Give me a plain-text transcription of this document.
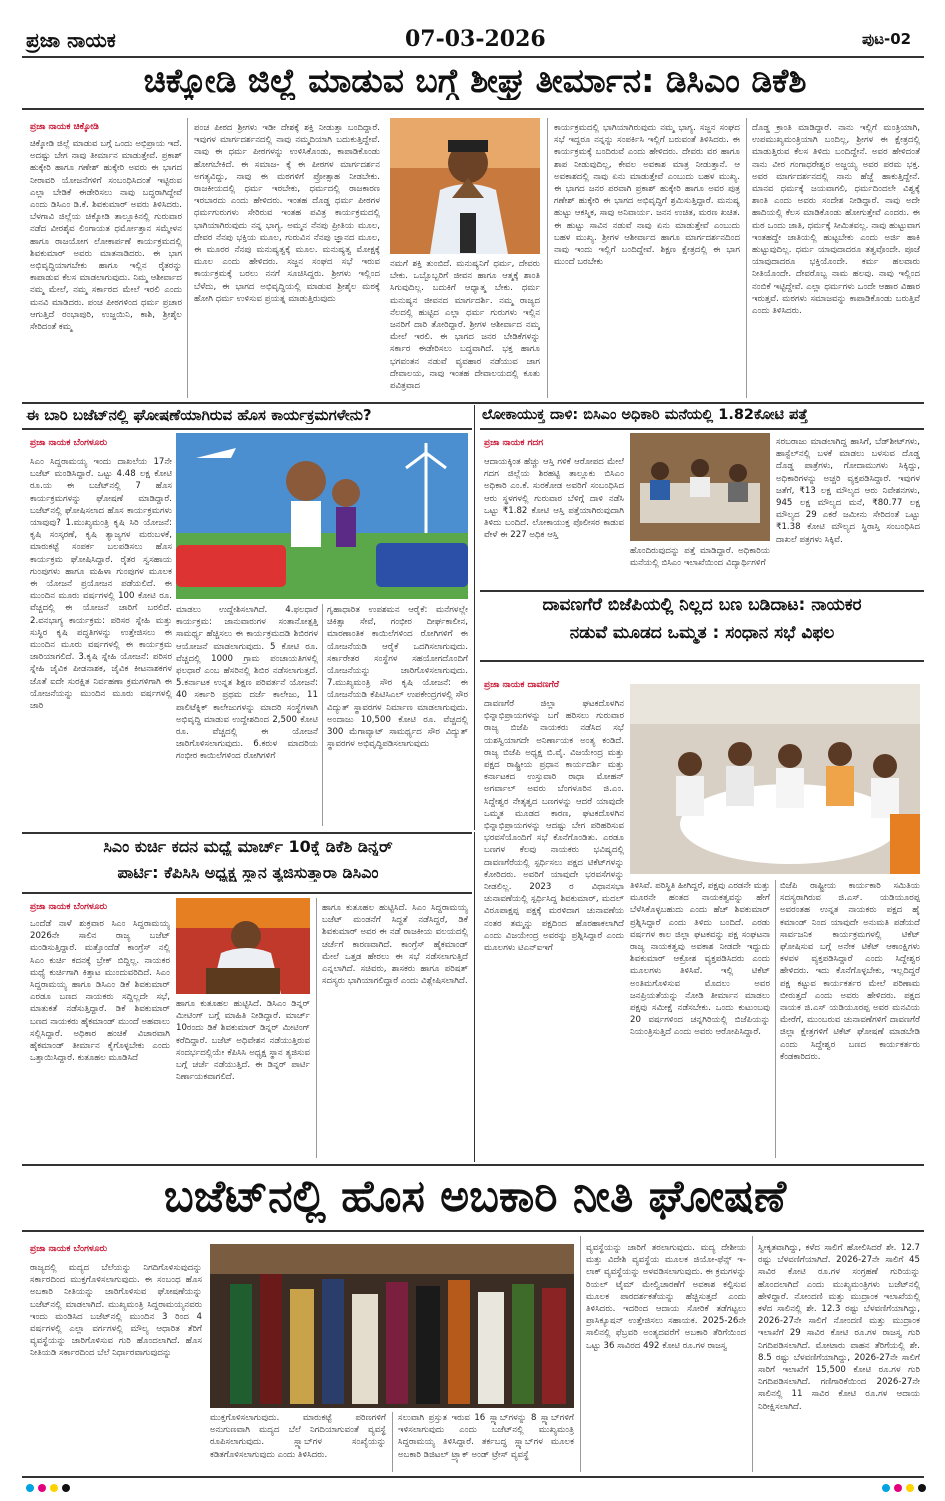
ಪ್ರಜಾ ನಾಯಕ	07-03-2026	ಪುಟ-02
ಚಿಕ್ಕೋಡಿ ಜಿಲ್ಲೆ ಮಾಡುವ ಬಗ್ಗೆ ಶೀಘ್ರ ತೀರ್ಮಾನ: ಡಿಸಿಎಂ ಡಿಕೆಶಿ
ಪ್ರಜಾ ನಾಯಕ ಚಿಕ್ಕೋಡಿ
ಚಿಕ್ಕೋಡಿ ಜಿಲ್ಲೆ ಮಾಡುವ ಬಗ್ಗೆ ಒಂದು ಅಭಿಪ್ರಾಯ ಇದೆ. ಅದಷ್ಟು ಬೇಗ ನಾವು ತೀರ್ಮಾನ ಮಾಡುತ್ತೇವೆ. ಪ್ರಕಾಶ್ ಹುಕ್ಕೇರಿ ಹಾಗೂ ಗಣೇಶ್ ಹುಕ್ಕೇರಿ ಅವರು ಈ ಭಾಗದ ನೀರಾವರಿ ಯೋಜನೆಗಳಿಗೆ ಸಂಬಂಧಿಸಿದಂತೆ ಇಟ್ಟಿರುವ ಎಲ್ಲಾ ಬೇಡಿಕೆ ಈಡೇರಿಸಲು ನಾವು ಬದ್ಧರಾಗಿದ್ದೇವೆ ಎಂದು ಡಿಸಿಎಂ ಡಿ.ಕೆ. ಶಿವಕುಮಾರ್ ಅವರು ತಿಳಿಸಿದರು. ಬೆಳಗಾವಿ ಜಿಲ್ಲೆಯ ಚಿಕ್ಕೋಡಿ ತಾಲ್ಲೂಕಿನಲ್ಲಿ ಗುರುವಾರ ನಡೆದ ವೀರಶೈವ ಲಿಂಗಾಯತ ಧರ್ಮೋತ್ತಾನ ಸಮ್ಮೇಳನ ಹಾಗೂ ರಾಜಯೋಗ ಲೋಕಾರ್ಪಣೆ ಕಾರ್ಯಕ್ರಮದಲ್ಲಿ ಶಿವಕುಮಾರ್ ಅವರು ಮಾತನಾಡಿದರು. ಈ ಭಾಗ ಅಭಿವೃದ್ಧಿಯಾಗಬೇಕು ಹಾಗೂ ಇಲ್ಲಿನ ರೈತರನ್ನು ಕಾಪಾಡುವ ಕೆಲಸ ಮಾಡಲಾಗುವುದು. ನಿಮ್ಮ ಆಶೀರ್ವಾದ ನಮ್ಮ ಮೇಲೆ, ನಮ್ಮ ಸರ್ಕಾರದ ಮೇಲೆ ಇರಲಿ ಎಂದು ಮನವಿ ಮಾಡಿದರು. ಪಂಚ ಪೀಠಗಳಿಂದ ಧರ್ಮ ಪ್ರಚಾರ ಆಗುತ್ತಿದೆ ರಂಭಾಪುರಿ, ಉಜ್ಜಯಿನಿ, ಕಾಶಿ, ಶ್ರೀಶೈಲ ಸೇರಿದಂತೆ ಕಮ್ಮ
ಪಂಚ ಪೀಠದ ಶ್ರೀಗಳು ಇಡೀ ದೇಶಕ್ಕೆ ಶಕ್ತಿ ನೀಡುತ್ತಾ ಬಂದಿದ್ದಾರೆ. ಇವುಗಳ ಮಾರ್ಗದರ್ಶನದಲ್ಲಿ ನಾವು ನಮ್ಮದಿಯಾಗಿ ಬದುಕುತ್ತಿದ್ದೇವೆ. ನಾವು ಈ ಧರ್ಮ ಪೀಠಗಳನ್ನು ಉಳಿಸಿಕೊಂಡು, ಕಾಪಾಡಿಕೊಂಡು ಹೋಗಬೇಕಿದೆ. ಈ ಸಮಾಜ- ಕ್ಕೆ ಈ ಪೀಠಗಳ ಮಾರ್ಗದರ್ಶನ ಅಗತ್ಯವಿದ್ದು, ನಾವು ಈ ಮಠಗಳಿಗೆ ಪ್ರೋತ್ಸಾಹ ನೀಡಬೇಕು. ರಾಜಕೀಯದಲ್ಲಿ ಧರ್ಮ ಇರಬೇಕು, ಧರ್ಮದಲ್ಲಿ ರಾಜಕಾರಣ ಇರಬಾರದು ಎಂದು ಹೇಳಿದರು. ಇಂತಹ ದೊಡ್ಡ ಧರ್ಮ ಪೀಠಗಳ ಧರ್ಮಗುರುಗಳು ಸೇರಿರುವ ಇಂತಹ ಪವಿತ್ರ ಕಾರ್ಯಕ್ರಮದಲ್ಲಿ ಭಾಗಿಯಾಗಿರುವುದು ನನ್ನ ಭಾಗ್ಯ. ಅಮ್ಮನ ನೆನಪು ಪ್ರೀತಿಯ ಮೂಲ, ದೇವರ ನೆನಪು ಭಕ್ತಿಯ ಮೂಲ, ಗುರುವಿನ ನೆನಪು ಜ್ಞಾನದ ಮೂಲ, ಈ ಮೂರರ ನೆನಪು ಮನುಷ್ಯತ್ವಕ್ಕೆ ಮೂಲ. ಮನುಷ್ಯತ್ವ ಮೋಕ್ಷಕ್ಕೆ ಮೂಲ ಎಂದು ಹೇಳಿದರು. ಸಜ್ಜನ ಸಂಘದ ಸಭೆ ಇರುವ ಕಾರ್ಯಕ್ರಮಕ್ಕೆ ಬರಲು ನನಗೆ ಸೂಚಿಸಿದ್ದರು. ಶ್ರೀಗಳು ಇಲ್ಲಿಂದ ಬೆಳೆದು, ಈ ಭಾಗದ ಅಭಿವೃದ್ಧಿಯಲ್ಲಿ ಮಾಡುವ ಶ್ರೀಶೈಲ ಮಠಕ್ಕೆ ಹೋಗಿ ಧರ್ಮ ಉಳಿಸುವ ಪ್ರಯತ್ನ ಮಾಡುತ್ತಿರುವುದು
ನಮಗೆ ಶಕ್ತಿ ತುಂಬಿದೆ. ಮನುಷ್ಯನಿಗೆ ಧರ್ಮ, ದೇವರು ಬೇಕು. ಒಬ್ಬೊಬ್ಬರಿಗೆ ಜೀವನ ಹಾಗೂ ಆತ್ಮಕ್ಕೆ ಶಾಂತಿ ಸಿಗುವುದಿಲ್ಲ. ಬದುಕಿಗೆ ಆಧ್ಯಾತ್ಮ ಬೇಕು. ಧರ್ಮ ಮನುಷ್ಯನ ಜೀವನದ ಮಾರ್ಗದರ್ಶಿ. ನಮ್ಮ ರಾಜ್ಯದ ನೆಲದಲ್ಲಿ ಹುಟ್ಟಿದ ಎಲ್ಲಾ ಧರ್ಮ ಗುರುಗಳು ಇಲ್ಲಿನ ಜನರಿಗೆ ದಾರಿ ತೋರಿದ್ದಾರೆ. ಶ್ರೀಗಳ ಆಶೀರ್ವಾದ ನಮ್ಮ ಮೇಲೆ ಇರಲಿ. ಈ ಭಾಗದ ಜನರ ಬೇಡಿಕೆಗಳನ್ನು ಸರ್ಕಾರ ಈಡೇರಿಸಲು ಬದ್ಧವಾಗಿದೆ. ಭಕ್ತ ಹಾಗೂ ಭಗವಂತನ ನಡುವೆ ವ್ಯವಹಾರ ನಡೆಯುವ ಜಾಗ ದೇವಾಲಯ, ನಾವು ಇಂತಹ ದೇವಾಲಯದಲ್ಲಿ ಕೂತು ಪವಿತ್ರವಾದ
ಕಾರ್ಯಕ್ರಮದಲ್ಲಿ ಭಾಗಿಯಾಗಿರುವುದು ನಮ್ಮ ಭಾಗ್ಯ. ಸಜ್ಜನ ಸಂಘದ ಸಭೆ ಇದ್ದರೂ ನನ್ನನ್ನು ಸಂಪರ್ಕಿಸಿ ಇಲ್ಲಿಗೆ ಬರುವಂತೆ ತಿಳಿಸಿದರು. ಈ ಕಾರ್ಯಕ್ರಮಕ್ಕೆ ಬಂದಿರುವೆ ಎಂದು ಹೇಳಿದರು. ದೇವರು ವರ ಹಾಗೂ ಶಾಪ ನೀಡುವುದಿಲ್ಲ, ಕೇವಲ ಅವಕಾಶ ಮಾತ್ರ ನೀಡುತ್ತಾನೆ. ಆ ಅವಕಾಶದಲ್ಲಿ ನಾವು ಏನು ಮಾಡುತ್ತೇವೆ ಎಂಬುದು ಬಹಳ ಮುಖ್ಯ. ಈ ಭಾಗದ ಜನರ ಪರವಾಗಿ ಪ್ರಕಾಶ್ ಹುಕ್ಕೇರಿ ಹಾಗೂ ಅವರ ಪುತ್ರ ಗಣೇಶ್ ಹುಕ್ಕೇರಿ ಈ ಭಾಗದ ಅಭಿವೃದ್ಧಿಗೆ ಶ್ರಮಿಸುತ್ತಿದ್ದಾರೆ. ಮನುಷ್ಯ ಹುಟ್ಟು ಆಕಸ್ಮಿಕ, ಸಾವು ಅನಿವಾರ್ಯ. ಜನನ ಉಚಿತ, ಮರಣ ಖಚಿತ. ಈ ಹುಟ್ಟು ಸಾವಿನ ನಡುವೆ ನಾವು ಏನು ಮಾಡುತ್ತೇವೆ ಎಂಬುದು ಬಹಳ ಮುಖ್ಯ. ಶ್ರೀಗಳ ಆಶೀರ್ವಾದ ಹಾಗೂ ಮಾರ್ಗದರ್ಶನದಿಂದ ನಾವು ಇಂದು ಇಲ್ಲಿಗೆ ಬಂದಿದ್ದೇವೆ. ಶಿಕ್ಷಣ ಕ್ಷೇತ್ರದಲ್ಲಿ ಈ ಭಾಗ ಮುಂದೆ ಬರಬೇಕು
ದೊಡ್ಡ ಕ್ರಾಂತಿ ಮಾಡಿದ್ದಾರೆ. ನಾನು ಇಲ್ಲಿಗೆ ಮಂತ್ರಿಯಾಗಿ, ಉಪಮುಖ್ಯಮಂತ್ರಿಯಾಗಿ ಬಂದಿಲ್ಲ, ಶ್ರೀಗಳ ಈ ಕ್ಷೇತ್ರದಲ್ಲಿ ಮಾಡುತ್ತಿರುವ ಕೆಲಸ ತಿಳಿದು ಬಂದಿದ್ದೇನೆ. ಅವರ ಹೇಳಿದಂತೆ ನಾನು ವೀರ ಗಂಗಾಧರೇಶ್ವರ ಅಜ್ಜಯ್ಯ ಅವರ ಪರಮ ಭಕ್ತ. ಅವರ ಮಾರ್ಗದರ್ಶನದಲ್ಲಿ ನಾನು ಹೆಜ್ಜೆ ಹಾಕುತ್ತಿದ್ದೇನೆ. ಮಾನವ ಧರ್ಮಕ್ಕೆ ಜಯವಾಗಲಿ, ಧರ್ಮದಿಂದಲೇ ವಿಶ್ವಕ್ಕೆ ಶಾಂತಿ ಎಂದು ಅವರು ಸಂದೇಶ ನೀಡಿದ್ದಾರೆ. ನಾವು ಅದೇ ಹಾದಿಯಲ್ಲಿ ಕೆಲಸ ಮಾಡಿಕೊಂಡು ಹೋಗುತ್ತೇವೆ ಎಂದರು. ಈ ಮಠ ಒಂದು ಜಾತಿ, ಧರ್ಮಕ್ಕೆ ಸೀಮಿತವಲ್ಲ. ನಾವು ಹುಟ್ಟುವಾಗ ಇಂತಹದ್ದೇ ಜಾತಿಯಲ್ಲಿ ಹುಟ್ಟಬೇಕು ಎಂದು ಅರ್ಜಿ ಹಾಕಿ ಹುಟ್ಟುವುದಿಲ್ಲ. ಧರ್ಮ ಯಾವುದಾದರೂ ತತ್ವವೊಂದೇ. ಪೂಜೆ ಯಾವುದಾದರೂ ಭಕ್ತಿಯೊಂದೇ. ಕರ್ಮ ಹಲವಾರು ನೀತಿಯೊಂದೇ. ದೇವರೊಬ್ಬ ನಾಮ ಹಲವು. ನಾವು ಇಲ್ಲಿಂದ ನಂಬಿಕೆ ಇಟ್ಟಿದ್ದೇವೆ. ಎಲ್ಲಾ ಧರ್ಮಗಳು ಒಂದೇ ಆಹಾರ ವಿಹಾರ ಇರುತ್ತವೆ. ಮಠಗಳು ಸಮಾಜವನ್ನು ಕಾಪಾಡಿಕೊಂಡು ಬರುತ್ತಿವೆ ಎಂದು ತಿಳಿಸಿದರು.
ಈ ಬಾರಿ ಬಜೆಟ್‌ನಲ್ಲಿ ಘೋಷಣೆಯಾಗಿರುವ ಹೊಸ ಕಾರ್ಯಕ್ರಮಗಳೇನು?
ಪ್ರಜಾ ನಾಯಕ ಬೆಂಗಳೂರು
ಸಿಎಂ ಸಿದ್ದರಾಮಯ್ಯ ಇಂದು ದಾಖಲೆಯ 17ನೇ ಬಜೆಟ್ ಮಂಡಿಸಿದ್ದಾರೆ. ಒಟ್ಟು 4.48 ಲಕ್ಷ ಕೋಟಿ ರೂ.ಯ ಈ ಬಜೆಟ್‌ನಲ್ಲಿ 7 ಹೊಸ ಕಾರ್ಯಕ್ರಮಗಳನ್ನು ಘೋಷಣೆ ಮಾಡಿದ್ದಾರೆ. ಬಜೆಟ್‌ನಲ್ಲಿ ಘೋಷಿಸಲಾದ ಹೊಸ ಕಾರ್ಯಕ್ರಮಗಳು ಯಾವುವು? 1.ಮುಖ್ಯಮಂತ್ರಿ ಕೃಷಿ ಸಿರಿ ಯೋಜನೆ: ಕೃಷಿ ಸಂಸ್ಕರಣೆ, ಕೃಷಿ ತ್ಯಾಜ್ಯಗಳ ಮರುಬಳಕೆ, ಮಾರುಕಟ್ಟೆ ಸಂಪರ್ಕ ಬಲಪಡಿಸಲು ಹೊಸ ಕಾರ್ಯಕ್ರಮ ಘೋಷಿಸಿದ್ದಾರೆ. ರೈತರ ಸ್ವಸಹಾಯ ಗುಂಪುಗಳು ಹಾಗೂ ಮಹಿಳಾ ಗುಂಪುಗಳ ಮೂಲಕ ಈ ಯೋಜನೆ ಪ್ರಯೋಜನ ಪಡೆಯಲಿದೆ. ಈ ಮುಂದಿನ ಮೂರು ವರ್ಷಗಳಲ್ಲಿ 100 ಕೋಟಿ ರೂ. ವೆಚ್ಚದಲ್ಲಿ ಈ ಯೋಜನೆ ಜಾರಿಗೆ ಬರಲಿದೆ. 2.ವನಭಾಗ್ಯ ಕಾರ್ಯಕ್ರಮ: ಪರಿಸರ ಸ್ನೇಹಿ ಮತ್ತು ಸುಸ್ಥಿರ ಕೃಷಿ ಪದ್ಧತಿಗಳನ್ನು ಉತ್ತೇಜಿಸಲು ಈ ಮುಂದಿನ ಮೂರು ವರ್ಷಗಳಲ್ಲಿ ಈ ಕಾರ್ಯಕ್ರಮ ಜಾರಿಯಾಗಲಿದೆ. 3.ಕೃಷಿ ಸ್ನೇಹಿ ಯೋಜನೆ: ಪರಿಸರ ಸ್ನೇಹಿ ಜೈವಿಕ ಪೀಡನಾಶಕ, ಜೈವಿಕ ಕೀಟನಾಶಕಗಳ ಜೊತೆ ಐದೇ ಸುರಕ್ಷಿತ ನಿರ್ವಹಣಾ ಕ್ರಮಗಳಿಗಾಗಿ ಈ ಯೋಜನೆಯನ್ನು ಮುಂದಿನ ಮೂರು ವರ್ಷಗಳಲ್ಲಿ ಜಾರಿ
ಮಾಡಲು ಉದ್ದೇಶಿಸಲಾಗಿದೆ. 4.ಫಲಧಾರೆ ಕಾರ್ಯಕ್ರಮ: ಜಾನುವಾರುಗಳ ಸಂತಾನೋತ್ಪತ್ತಿ ಸಾಮರ್ಥ್ಯ ಹೆಚ್ಚಿಸಲು ಈ ಕಾರ್ಯಕ್ರಮದಡಿ ಶಿಬಿರಗಳ ಆಯೋಜನೆ ಮಾಡಲಾಗುವುದು. 5 ಕೋಟಿ ರೂ. ವೆಚ್ಚದಲ್ಲಿ 1000 ಗ್ರಾಮ ಪಂಚಾಯತಿಗಳಲ್ಲಿ ಫಲಧಾರೆ ಎಂಬ ಹೆಸರಿನಲ್ಲಿ ಶಿಬಿರ ನಡೆಸಲಾಗುತ್ತದೆ. 5.ಕರ್ನಾಟಕ ಉನ್ನತ ಶಿಕ್ಷಣ ಪರಿವರ್ತನೆ ಯೋಜನೆ: 40 ಸರ್ಕಾರಿ ಪ್ರಥಮ ದರ್ಜೆ ಕಾಲೇಜು, 11 ಪಾಲಿಟೆಕ್ನಿಕ್ ಕಾಲೇಜುಗಳನ್ನು ಮಾದರಿ ಸಂಸ್ಥೆಗಳಾಗಿ ಅಭಿವೃದ್ಧಿ ಮಾಡುವ ಉದ್ದೇಶದಿಂದ 2,500 ಕೋಟಿ ರೂ. ವೆಚ್ಚದಲ್ಲಿ ಈ ಯೋಜನೆ ಜಾರಿಗೊಳಿಸಲಾಗುವುದು. 6.ಕರುಳ ಮಾದರಿಯ ಗಂಭೀರ ಕಾಯಿಲೆಗಳಿಂದ ರೋಗಿಗಳಿಗೆ
ಗೃಹಾಧಾರಿತ ಉಪಶಮನ ಆರೈಕೆ: ಮನೆಗಳಲ್ಲೇ ಚಿಕಿತ್ಸಾ ಸೇವೆ, ಗಂಭೀರ ದೀರ್ಘಕಾಲೀನ, ಮಾರಣಾಂತಿಕ ಕಾಯಿಲೆಗಳಿಂದ ರೋಗಿಗಳಿಗೆ ಈ ಯೋಜನೆಯಡಿ ಆರೈಕೆ ಒದಗಿಸಲಾಗುವುದು. ಸರ್ಕಾರೇತರ ಸಂಸ್ಥೆಗಳ ಸಹಯೋಗದೊಂದಿಗೆ ಯೋಜನೆಯನ್ನು ಜಾರಿಗೊಳಿಸಲಾಗುವುದು. 7.ಮುಖ್ಯಮಂತ್ರಿ ಸೌರ ಕೃಷಿ ಯೋಜನೆ: ಈ ಯೋಜನೆಯಡಿ ಕೆಪಿಟಿಸಿಎಲ್ ಉಪಕೇಂದ್ರಗಳಲ್ಲಿ ಸೌರ ವಿದ್ಯುತ್ ಸ್ಥಾವರಗಳ ನಿರ್ಮಾಣ ಮಾಡಲಾಗುವುದು. ಅಂದಾಜು 10,500 ಕೋಟಿ ರೂ. ವೆಚ್ಚದಲ್ಲಿ 300 ಮೆಗಾವ್ಯಾಟ್ ಸಾಮರ್ಥ್ಯದ ಸೌರ ವಿದ್ಯುತ್ ಸ್ಥಾವರಗಳ ಅಭಿವೃದ್ಧಿಪಡಿಸಲಾಗುವುದು
ಲೋಕಾಯುಕ್ತ ದಾಳಿ: ಬಿಸಿಎಂ ಅಧಿಕಾರಿ ಮನೆಯಲ್ಲಿ 1.82ಕೋಟಿ ಪತ್ತೆ
ಪ್ರಜಾ ನಾಯಕ ಗದಗ
ಆದಾಯಕ್ಕಿಂತ ಹೆಚ್ಚು ಆಸ್ತಿ ಗಳಿಕೆ ಆರೋಪದ ಮೇಲೆ ಗದಗ ಜಿಲ್ಲೆಯ ಶಿರಹಟ್ಟಿ ತಾಲ್ಲೂಕು ಬಿಸಿಎಂ ಅಧಿಕಾರಿ ಎಂ.ಕೆ. ಸುರಕೋಡ ಅವರಿಗೆ ಸಂಬಂಧಿಸಿದ ಆರು ಸ್ಥಳಗಳಲ್ಲಿ ಗುರುವಾರ ಬೆಳಿಗ್ಗೆ ದಾಳಿ ನಡೆಸಿ ಒಟ್ಟು ₹1.82 ಕೋಟಿ ಆಸ್ತಿ ಪತ್ತೆಯಾಗಿರುವುದಾಗಿ ತಿಳಿದು ಬಂದಿದೆ. ಲೋಕಾಯುಕ್ತ ಪೊಲೀಸರ ಕಾಡುವ ವೇಳೆ ಈ 227 ಅಧಿಕ ಆಸ್ತಿ
ಹೊಂದಿರುವುದನ್ನು ಪತ್ತೆ ಮಾಡಿದ್ದಾರೆ. ಅಧಿಕಾರಿಯ ಮನೆಯಲ್ಲಿ ಬಿಸಿಎಂ ಇಲಾಖೆಯಿಂದ ವಿದ್ಯಾರ್ಥಿಗಳಿಗೆ
ಸರಬರಾಜು ಮಾಡಲಾಗಿದ್ದ ಹಾಸಿಗೆ, ಬೆಡ್‌ಶೀಟ್‌ಗಳು, ಹಾಸ್ಟೆಲ್‌ನಲ್ಲಿ ಬಳಕೆ ಮಾಡಲು ಬಳಸುವ ದೊಡ್ಡ ದೊಡ್ಡ ಪಾತ್ರೆಗಳು, ಗೋದಾಮುಗಳು ಸಿಕ್ಕಿದ್ದು, ಅಧಿಕಾರಿಗಳನ್ನು ಅಚ್ಚರಿ ವ್ಯಕ್ತಪಡಿಸಿದ್ದಾರೆ. ಇವುಗಳ ಜತೆಗೆ, ₹13 ಲಕ್ಷ ಮೌಲ್ಯದ ಆರು ನಿವೇಶನಗಳು, 945 ಲಕ್ಷ ಮೌಲ್ಯದ ಮನೆ, ₹80.77 ಲಕ್ಷ ಮೌಲ್ಯದ 29 ಎಕರೆ ಜಮೀನು ಸೇರಿದಂತೆ ಒಟ್ಟು ₹1.38 ಕೋಟಿ ಮೌಲ್ಯದ ಸ್ಥಿರಾಸ್ತಿ ಸಂಬಂಧಿಸಿದ ದಾಖಲೆ ಪತ್ರಗಳು ಸಿಕ್ಕಿವೆ.
ದಾವಣಗೆರೆ ಬಿಜೆಪಿಯಲ್ಲಿ ನಿಲ್ಲದ ಬಣ ಬಡಿದಾಟ: ನಾಯಕರ
ನಡುವೆ ಮೂಡದ ಒಮ್ಮತ : ಸಂಧಾನ ಸಭೆ ವಿಫಲ
ಪ್ರಜಾ ನಾಯಕ ದಾವಣಗೆರೆ
ದಾವಣಗೆರೆ ಜಿಲ್ಲಾ ಘಟಕದೊಳಗಿನ ಭಿನ್ನಾಭಿಪ್ರಾಯಗಳನ್ನು ಬಗೆ ಹರಿಸಲು ಗುರುವಾರ ರಾಜ್ಯ ಬಿಜೆಪಿ ನಾಯಕರು ನಡೆಸಿದ ಸಭೆ ಯಶಸ್ವಿಯಾಗದೇ ಅನಿರ್ಣಾಯಕ ಅಂತ್ಯ ಕಂಡಿದೆ. ರಾಜ್ಯ ಬಿಜೆಪಿ ಅಧ್ಯಕ್ಷ ಬಿ.ವೈ. ವಿಜಯೇಂದ್ರ ಮತ್ತು ಪಕ್ಷದ ರಾಷ್ಟ್ರೀಯ ಪ್ರಧಾನ ಕಾರ್ಯದರ್ಶಿ ಮತ್ತು ಕರ್ನಾಟಕದ ಉಸ್ತುವಾರಿ ರಾಧಾ ಮೋಹನ್ ಅಗರ್ವಾಲ್ ಅವರು ಬೆಂಗಳೂರಿನ ಜಿ.ಎಂ. ಸಿದ್ದೇಶ್ವರ ನೇತೃತ್ವದ ಬಣಗಳನ್ನು ಆದರೆ ಯಾವುದೇ ಒಮ್ಮತ ಮೂಡದ ಕಾರಣ, ಘಟಕದೊಳಗಿನ ಭಿನ್ನಾಭಿಪ್ರಾಯಗಳನ್ನು ಆದಷ್ಟು ಬೇಗ ಪರಿಹರಿಸುವ ಭರವಸೆಯೊಂದಿಗೆ ಸಭೆ ಕೊನೆಗೊಂಡಿತು. ಎರಡೂ ಬಣಗಳ ಕೆಲವು ನಾಯಕರು ಭವಿಷ್ಯದಲ್ಲಿ ದಾವಣಗೆರೆಯಲ್ಲಿ ಸ್ಪರ್ಧಿಸಲು ಪಕ್ಷದ ಟಿಕೆಟ್‌ಗಳನ್ನು ಕೋರಿದರು. ಅವರಿಗೆ ಯಾವುದೇ ಭರವಸೆಗಳನ್ನು ನೀಡಲಿಲ್ಲ. 2023 ರ ವಿಧಾನಸಭಾ ಚುನಾವಣೆಯಲ್ಲಿ ಸ್ಪರ್ಧಿಸಿದ್ದ ಶಿವಕುಮಾರ್, ಮದಲ್ ವಿರೂಪಾಕ್ಷಪ್ಪ ಪಕ್ಷಕ್ಕೆ ಮರಳಿದಾಗ ಚುನಾವಣೆಯ ನಂತರ ತಮ್ಮನ್ನು ಪಕ್ಷದಿಂದ ಹೊರಹಾಕಲಾಗಿದೆ ಎಂದು ವಿಜಯೇಂದ್ರ ಅವರನ್ನು ಪ್ರಶ್ನಿಸಿದ್ದಾರೆ ಎಂದು ಮೂಲಗಳು ಟಿಎನ್‌ಐಇಗೆ
ತಿಳಿಸಿವೆ. ಪರಿಸ್ಥಿತಿ ಹೀಗಿದ್ದರೆ, ಪಕ್ಷವು ಎರಡನೇ ಮತ್ತು ಮೂರನೇ ಹಂತದ ನಾಯಕತ್ವವನ್ನು ಹೇಗೆ ಬೆಳೆಸಿಕೊಳ್ಳಬಹುದು ಎಂದು ಹೆಚ್ ಶಿವಕುಮಾರ್ ಪ್ರಶ್ನಿಸಿದ್ದಾರೆ ಎಂದು ತಿಳಿದು ಬಂದಿದೆ. ಎರಡು ವರ್ಷಗಳ ಕಾಲ ಜಿಲ್ಲಾ ಘಟಕವನ್ನು ಪಕ್ಷ ಸಂಘಟನಾ ರಾಜ್ಯ ನಾಯಕತ್ವವು ಅವಕಾಶ ನೀಡದೇ ಇದ್ದುದು ಶಿವಕುಮಾರ್ ಆಕ್ರೋಶ ವ್ಯಕ್ತಪಡಿಸಿದರು ಎಂದು ಮೂಲಗಳು ತಿಳಿಸಿವೆ. ಇಲ್ಲಿ ಟಿಕೆಟ್ ಅಂತಿಮಗೊಳಿಸುವ ಮೊದಲು ಅವರ ಜನಪ್ರಿಯತೆಯನ್ನು ನೋಡಿ ತೀರ್ಮಾನ ಮಾಡಲು ಪಕ್ಷವು ಸಮೀಕ್ಷೆ ನಡೆಸಬೇಕು. ಒಂದು ಕುಟುಂಬವು 20 ವರ್ಷಗಳಿಂದ ಚನ್ನಗಿರಿಯಲ್ಲಿ ಬಿಜೆಪಿಯನ್ನು ನಿಯಂತ್ರಿಸುತ್ತಿದೆ ಎಂದು ಅವರು ಆರೋಪಿಸಿದ್ದಾರೆ.
ಬಿಜೆಪಿ ರಾಷ್ಟ್ರೀಯ ಕಾರ್ಯಕಾರಿ ಸಮಿತಿಯ ಸದಸ್ಯರಾಗಿರುವ ಜಿ.ಎಸ್. ಯಡಿಯೂರಪ್ಪ ಅವರಂತಹ ಉನ್ನತ ನಾಯಕರು ಪಕ್ಷದ ಹೈ ಕಮಾಂಡ್ ನಿಂದ ಯಾವುದೇ ಅನುಮತಿ ಪಡೆಯದೆ ಸಾರ್ವಜನಿಕ ಕಾರ್ಯಕ್ರಮಗಳಲ್ಲಿ ಟಿಕೆಟ್ ಘೋಷಿಸುವ ಬಗ್ಗೆ ಅನೇಕ ಟಿಕೆಟ್ ಆಕಾಂಕ್ಷಿಗಳು ಕಳವಳ ವ್ಯಕ್ತಪಡಿಸಿದ್ದಾರೆ ಎಂದು ಸಿದ್ದೇಶ್ವರ ಹೇಳಿದರು. ಇದು ಕೊನೆಗೊಳ್ಳಬೇಕು, ಇಲ್ಲದಿದ್ದರೆ ಪಕ್ಷ ಕಟ್ಟುವ ಕಾರ್ಯಕರ್ತರ ಮೇಲೆ ಪರಿಣಾಮ ಬೀರುತ್ತದೆ ಎಂದು ಅವರು ಹೇಳಿದರು. ಪಕ್ಷದ ನಾಯಕ ಜಿ.ಎಸ್ ಯಡಿಯೂರಪ್ಪ ಅವರ ಮನವಿಯ ಮೇರೆಗೆ, ಮುಂಬರುವ ಚುನಾವಣೆಗಳಿಗೆ ದಾವಣಗೆರೆ ಜಿಲ್ಲಾ ಕ್ಷೇತ್ರಗಳಿಗೆ ಟಿಕೆಟ್ ಘೋಷಣೆ ಮಾಡಬೇಡಿ ಎಂದು ಸಿದ್ದೇಶ್ವರ ಬಣದ ಕಾರ್ಯಕರ್ತರು ಕೆಂಡಕಾರಿದರು.
ಸಿಎಂ ಕುರ್ಚಿ ಕದನ ಮಧ್ಯೆ ಮಾರ್ಚ್ 10ಕ್ಕೆ ಡಿಕೆಶಿ ಡಿನ್ನರ್
ಪಾರ್ಟಿ: ಕೆಪಿಸಿಸಿ ಅಧ್ಯಕ್ಷ ಸ್ಥಾನ ತ್ಯಜಿಸುತ್ತಾರಾ ಡಿಸಿಎಂ
ಪ್ರಜಾ ನಾಯಕ ಬೆಂಗಳೂರು
ಒಂದೆಡೆ ನಾಳೆ ಶುಕ್ರವಾರ ಸಿಎಂ ಸಿದ್ದರಾಮಯ್ಯ 2026ನೇ ಸಾಲಿನ ರಾಜ್ಯ ಬಜೆಟ್ ಮಂಡಿಸುತ್ತಿದ್ದಾರೆ. ಮತ್ತೊಂದೆಡೆ ಕಾಂಗ್ರೆಸ್ ನಲ್ಲಿ ಸಿಎಂ ಕುರ್ಚಿ ಕದನಕ್ಕೆ ಬ್ರೇಕ್ ಬಿದ್ದಿಲ್ಲ. ನಾಯಕರ ಮಧ್ಯೆ ಕುರ್ಚಿಗಾಗಿ ಕಿತ್ತಾಟ ಮುಂದುವರಿದಿದೆ. ಸಿಎಂ ಸಿದ್ದರಾಮಯ್ಯ ಹಾಗೂ ಡಿಸಿಎಂ ಡಿಕೆ ಶಿವಕುಮಾರ್ ಎರಡೂ ಬಣದ ನಾಯಕರು ಸದ್ದಿಲ್ಲದೇ ಸಭೆ, ಮಾತುಕತೆ ನಡೆಸುತ್ತಿದ್ದಾರೆ. ಡಿಕೆ ಶಿವಕುಮಾರ್ ಬಣದ ನಾಯಕರು ಹೈಕಮಾಂಡ್ ಮುಂದೆ ಅಹವಾಲು ಸಲ್ಲಿಸಿದ್ದಾರೆ. ಅಧಿಕಾರ ಹಂಚಿಕೆ ವಿಚಾರವಾಗಿ ಹೈಕಮಾಂಡ್ ತೀರ್ಮಾನ ಕೈಗೊಳ್ಳಬೇಕು ಎಂದು ಒತ್ತಾಯಿಸಿದ್ದಾರೆ. ಕುತೂಹಲ ಮೂಡಿಸಿದೆ
ಹಾಗೂ ಕುತೂಹಲ ಹುಟ್ಟಿಸಿದೆ. ಡಿಸಿಎಂ ಡಿನ್ನರ್ ಮೀಟಿಂಗ್ ಬಗ್ಗೆ ಮಾಹಿತಿ ನೀಡಿದ್ದಾರೆ. ಮಾರ್ಚ್ 10ರಂದು ಡಿಕೆ ಶಿವಕುಮಾರ್ ಡಿನ್ನರ್ ಮೀಟಿಂಗ್ ಕರೆದಿದ್ದಾರೆ. ಬಜೆಟ್ ಅಧಿವೇಶನ ನಡೆಯುತ್ತಿರುವ ಸಂದರ್ಭದಲ್ಲಿಯೇ ಕೆಪಿಸಿಸಿ ಅಧ್ಯಕ್ಷ ಸ್ಥಾನ ತ್ಯಜಿಸುವ ಬಗ್ಗೆ ಚರ್ಚೆ ನಡೆಯುತ್ತಿದೆ. ಈ ಡಿನ್ನರ್ ಪಾರ್ಟಿ ನಿರ್ಣಾಯಕವಾಗಲಿದೆ.
ಹಾಗೂ ಕುತೂಹಲ ಹುಟ್ಟಿಸಿದೆ. ಸಿಎಂ ಸಿದ್ದರಾಮಯ್ಯ ಬಜೆಟ್ ಮಂಡನೆಗೆ ಸಿದ್ಧತೆ ನಡೆಸಿದ್ದರೆ, ಡಿಕೆ ಶಿವಕುಮಾರ್ ಅವರ ಈ ನಡೆ ರಾಜಕೀಯ ವಲಯದಲ್ಲಿ ಚರ್ಚೆಗೆ ಕಾರಣವಾಗಿದೆ. ಕಾಂಗ್ರೆಸ್ ಹೈಕಮಾಂಡ್ ಮೇಲೆ ಒತ್ತಡ ಹೇರಲು ಈ ಸಭೆ ನಡೆಸಲಾಗುತ್ತಿದೆ ಎನ್ನಲಾಗಿದೆ. ಸಚಿವರು, ಶಾಸಕರು ಹಾಗೂ ಪರಿಷತ್ ಸದಸ್ಯರು ಭಾಗಿಯಾಗಲಿದ್ದಾರೆ ಎಂದು ವಿಶ್ಲೇಷಿಸಲಾಗಿದೆ.
ಬಜೆಟ್‌ನಲ್ಲಿ ಹೊಸ ಅಬಕಾರಿ ನೀತಿ ಘೋಷಣೆ
ಪ್ರಜಾ ನಾಯಕ ಬೆಂಗಳೂರು
ರಾಜ್ಯದಲ್ಲಿ ಮದ್ಯದ ಬೆಲೆಯನ್ನು ನಿಗದಿಗೊಳಿಸುವುದನ್ನು ಸರ್ಕಾರದಿಂದ ಮುಕ್ತಗೊಳಿಸಲಾಗುವುದು. ಈ ಸಂಬಂಧ ಹೊಸ ಅಬಕಾರಿ ನೀತಿಯನ್ನು ಜಾರಿಗೊಳಿಸುವ ಘೋಷಣೆಯನ್ನು ಬಜೆಟ್‌ನಲ್ಲಿ ಮಾಡಲಾಗಿದೆ. ಮುಖ್ಯಮಂತ್ರಿ ಸಿದ್ದರಾಮಯ್ಯನವರು ಇಂದು ಮಂಡಿಸಿದ ಬಜೆಟ್‌ನಲ್ಲಿ ಮುಂದಿನ 3 ರಿಂದ 4 ವರ್ಷಗಳಲ್ಲಿ ಎಲ್ಲಾ ವರ್ಗಗಳಲ್ಲಿ ಮೌಲ್ಯ ಆಧಾರಿತ ತೆರಿಗೆ ವ್ಯವಸ್ಥೆಯನ್ನು ಜಾರಿಗೊಳಿಸುವ ಗುರಿ ಹೊಂದಲಾಗಿದೆ. ಹೊಸ ನೀತಿಯಡಿ ಸರ್ಕಾರದಿಂದ ಬೆಲೆ ನಿರ್ಧಾರವಾಗುವುದನ್ನು
ಮುಕ್ತಗೊಳಿಸಲಾಗುವುದು. ಮಾರುಕಟ್ಟೆ ಪರಿಣಗಳಿಗೆ ಅನುಗುಣವಾಗಿ ಮದ್ಯದ ಬೆಲೆ ನಿಗದಿಯಾಗುವಂತೆ ವ್ಯವಸ್ಥೆ ರೂಪಿಸಲಾಗುವುದು. ಸ್ಲ್ಯಾಬ್‌ಗಳ ಸಂಖ್ಯೆಯನ್ನು ಕಡಿತಗೊಳಿಸಲಾಗುವುದು ಎಂದು ತಿಳಿಸಿದರು.
ಸಲುವಾಗಿ ಪ್ರಸ್ತುತ ಇರುವ 16 ಸ್ಲ್ಯಾಬ್‌ಗಳನ್ನು 8 ಸ್ಲ್ಯಾಬ್‌ಗಳಿಗೆ ಇಳಿಸಲಾಗುವುದು ಎಂದು ಬಜೆಟ್‌ನಲ್ಲಿ ಮುಖ್ಯಮಂತ್ರಿ ಸಿದ್ದರಾಮಯ್ಯ ತಿಳಿಸಿದ್ದಾರೆ. ತರ್ಕಬದ್ಧ ಸ್ಲ್ಯಾಬ್‌ಗಳ ಮೂಲಕ ಅಬಕಾರಿ ಡಿಜಿಟಲ್ ಟ್ರ್ಯಾಕ್ ಅಂಡ್ ಟ್ರೇಸ್ ವ್ಯವಸ್ಥೆ
ವ್ಯವಸ್ಥೆಯನ್ನು ಜಾರಿಗೆ ತರಲಾಗುವುದು. ಮದ್ಯ ದೇಶೀಯ ಮತ್ತು ವಿದೇಶಿ ವ್ಯವಸ್ಥೆಯ ಮೂಲಕ ಜಿಯೋ-ಫೆನ್ಸ್ ಇ-ಲಾಕ್ ವ್ಯವಸ್ಥೆಯನ್ನು ಅಳವಡಿಸಲಾಗುವುದು. ಈ ಕ್ರಮಗಳನ್ನು ರಿಯಲ್ ಟೈಮ್ ಮೇಲ್ವಿಚಾರಣೆಗೆ ಅವಕಾಶ ಕಲ್ಪಿಸುವ ಮೂಲಕ ಪಾರದರ್ಶಕತೆಯನ್ನು ಹೆಚ್ಚಿಸುತ್ತದೆ ಎಂದು ತಿಳಿಸಿದರು. ಇದರಿಂದ ಆದಾಯ ಸೋರಿಕೆ ತಡೆಗಟ್ಟಲು ಪ್ರಾಸಿಕ್ಯೂಷನ್ ಉತ್ತೇಜಿಸಲು ಸಹಾಯಕ. 2025-26ನೇ ಸಾಲಿನಲ್ಲಿ ಫೆಬ್ರವರಿ ಅಂತ್ಯದವರೆಗೆ ಅಬಕಾರಿ ತೆರಿಗೆಯಿಂದ ಒಟ್ಟು 36 ಸಾವಿರದ 492 ಕೋಟಿ ರೂ.ಗಳ ರಾಜಸ್ವ
ಸ್ವೀಕೃತವಾಗಿದ್ದು, ಕಳೆದ ಸಾಲಿಗೆ ಹೋಲಿಸಿದರೆ ಶೇ. 12.7 ರಷ್ಟು ಬೆಳವಣಿಗೆಯಾಗಿದೆ. 2026-27ನೇ ಸಾಲಿಗೆ 45 ಸಾವಿರ ಕೋಟಿ ರೂ.ಗಳ ಸಂಗ್ರಹಣೆ ಗುರಿಯನ್ನು ಹೊಂದಲಾಗಿದೆ ಎಂದು ಮುಖ್ಯಮಂತ್ರಿಗಳು ಬಜೆಟ್‌ನಲ್ಲಿ ಹೇಳಿದ್ದಾರೆ. ನೋಂದಣಿ ಮತ್ತು ಮುದ್ರಾಂಕ ಇಲಾಖೆಯಲ್ಲಿ ಕಳೆದ ಸಾಲಿನಲ್ಲಿ ಶೇ. 12.3 ರಷ್ಟು ಬೆಳವಣಿಗೆಯಾಗಿದ್ದು, 2026-27ನೇ ಸಾಲಿಗೆ ನೋಂದಣಿ ಮತ್ತು ಮುದ್ರಾಂಕ ಇಲಾಖೆಗೆ 29 ಸಾವಿರ ಕೋಟಿ ರೂ.ಗಳ ರಾಜಸ್ವ ಗುರಿ ನಿಗದಿಪಡಿಸಲಾಗಿದೆ. ಮೋಟಾರು ವಾಹನ ತೆರಿಗೆಯಲ್ಲಿ ಶೇ. 8.5 ರಷ್ಟು ಬೆಳವಣಿಗೆಯಾಗಿದ್ದು, 2026-27ನೇ ಸಾಲಿಗೆ ಸಾರಿಗೆ ಇಲಾಖೆಗೆ 15,500 ಕೋಟಿ ರೂ.ಗಳ ಗುರಿ ನಿಗದಿಪಡಿಸಲಾಗಿದೆ. ಗಣಿಗಾರಿಕೆಯಿಂದ 2026-27ನೇ ಸಾಲಿನಲ್ಲಿ 11 ಸಾವಿರ ಕೋಟಿ ರೂ.ಗಳ ಆದಾಯ ನಿರೀಕ್ಷಿಸಲಾಗಿದೆ.
